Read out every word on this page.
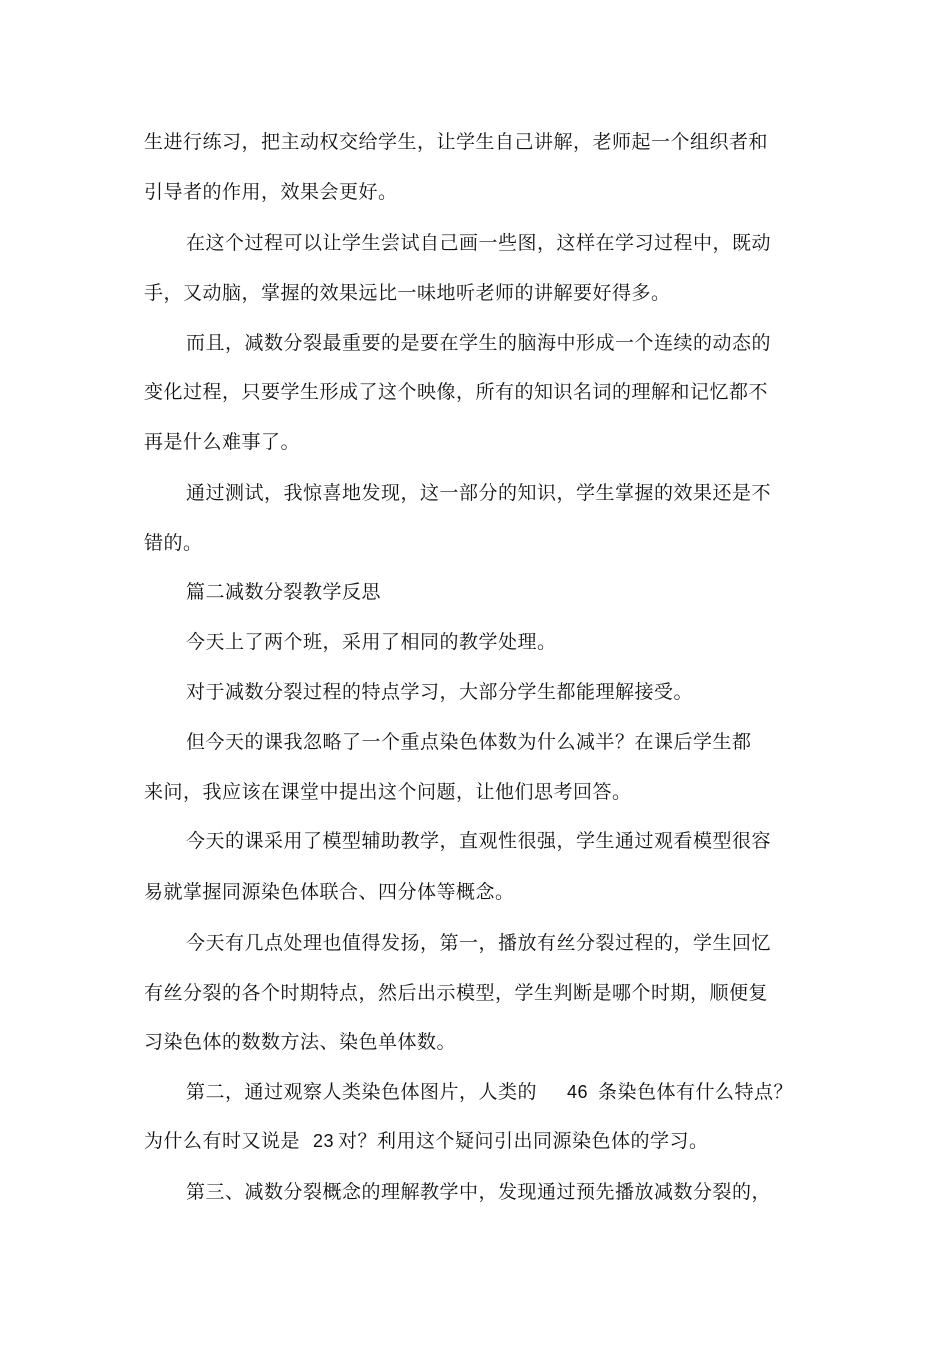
生进行练习，把主动权交给学生，让学生自己讲解，老师起一个组织者和
引导者的作用，效果会更好。
在这个过程可以让学生尝试自己画一些图，这样在学习过程中，既动
手，又动脑，掌握的效果远比一味地听老师的讲解要好得多。
而且，减数分裂最重要的是要在学生的脑海中形成一个连续的动态的
变化过程，只要学生形成了这个映像，所有的知识名词的理解和记忆都不
再是什么难事了。
通过测试，我惊喜地发现，这一部分的知识，学生掌握的效果还是不
错的。
篇二减数分裂教学反思
今天上了两个班，采用了相同的教学处理。
对于减数分裂过程的特点学习，大部分学生都能理解接受。
但今天的课我忽略了一个重点染色体数为什么减半？在课后学生都
来问，我应该在课堂中提出这个问题，让他们思考回答。
今天的课采用了模型辅助教学，直观性很强，学生通过观看模型很容
易就掌握同源染色体联合、四分体等概念。
今天有几点处理也值得发扬，第一，播放有丝分裂过程的，学生回忆
有丝分裂的各个时期特点，然后出示模型，学生判断是哪个时期，顺便复
习染色体的数数方法、染色单体数。
第二，通过观察人类染色体图片，人类的 46 条染色体有什么特点？
为什么有时又说是 23 对？利用这个疑问引出同源染色体的学习。
第三、减数分裂概念的理解教学中，发现通过预先播放减数分裂的，
